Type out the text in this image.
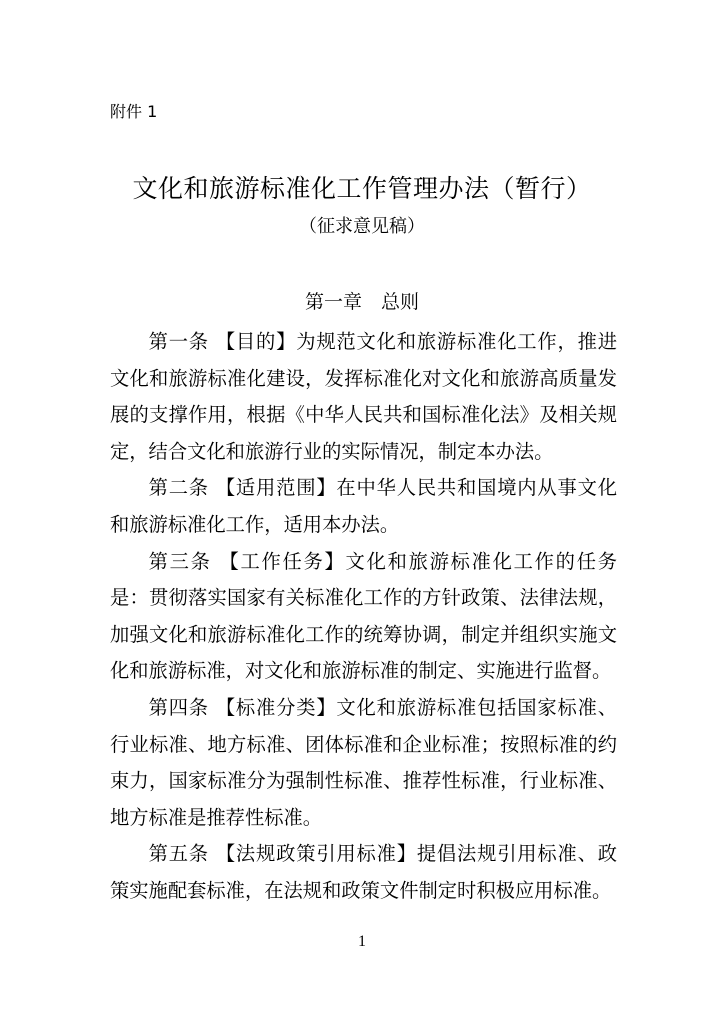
附件 1
文化和旅游标准化工作管理办法（暂行）
（征求意见稿）
第一章　总则

第一条 【目的】为规范文化和旅游标准化工作，推进文化和旅游标准化建设，发挥标准化对文化和旅游高质量发展的支撑作用，根据《中华人民共和国标准化法》及相关规定，结合文化和旅游行业的实际情况，制定本办法。

第二条 【适用范围】在中华人民共和国境内从事文化和旅游标准化工作，适用本办法。

第三条 【工作任务】文化和旅游标准化工作的任务是：贯彻落实国家有关标准化工作的方针政策、法律法规，加强文化和旅游标准化工作的统筹协调，制定并组织实施文化和旅游标准，对文化和旅游标准的制定、实施进行监督。

第四条 【标准分类】文化和旅游标准包括国家标准、行业标准、地方标准、团体标准和企业标准；按照标准的约束力，国家标准分为强制性标准、推荐性标准，行业标准、地方标准是推荐性标准。

第五条 【法规政策引用标准】提倡法规引用标准、政策实施配套标准，在法规和政策文件制定时积极应用标准。

1
